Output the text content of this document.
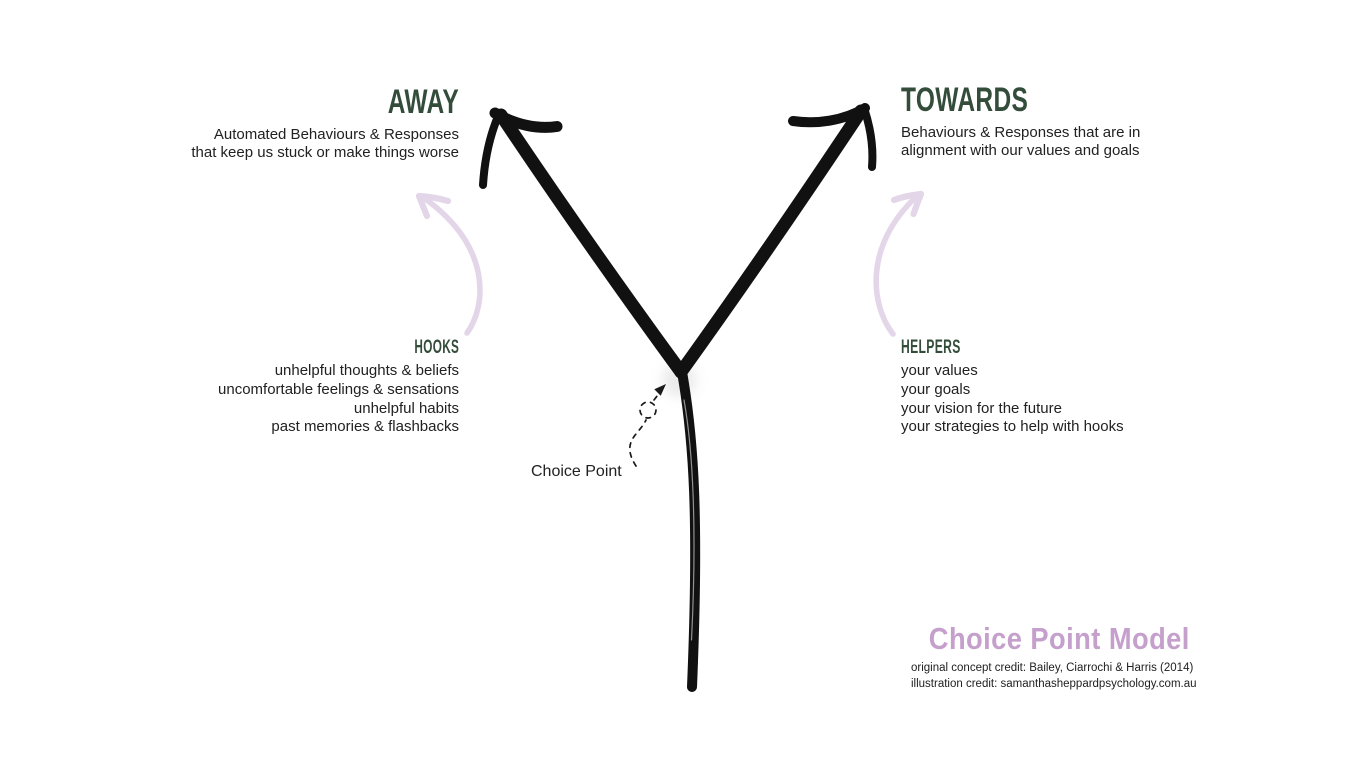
AWAY
Automated Behaviours & Responses
that keep us stuck or make things worse
TOWARDS
Behaviours & Responses that are in
alignment with our values and goals
HOOKS
unhelpful thoughts & beliefs
uncomfortable feelings & sensations
unhelpful habits
past memories & flashbacks
HELPERS
your values
your goals
your vision for the future
your strategies to help with hooks
Choice Point
Choice Point Model
original concept credit: Bailey, Ciarrochi & Harris (2014)
illustration credit: samanthasheppardpsychology.com.au
